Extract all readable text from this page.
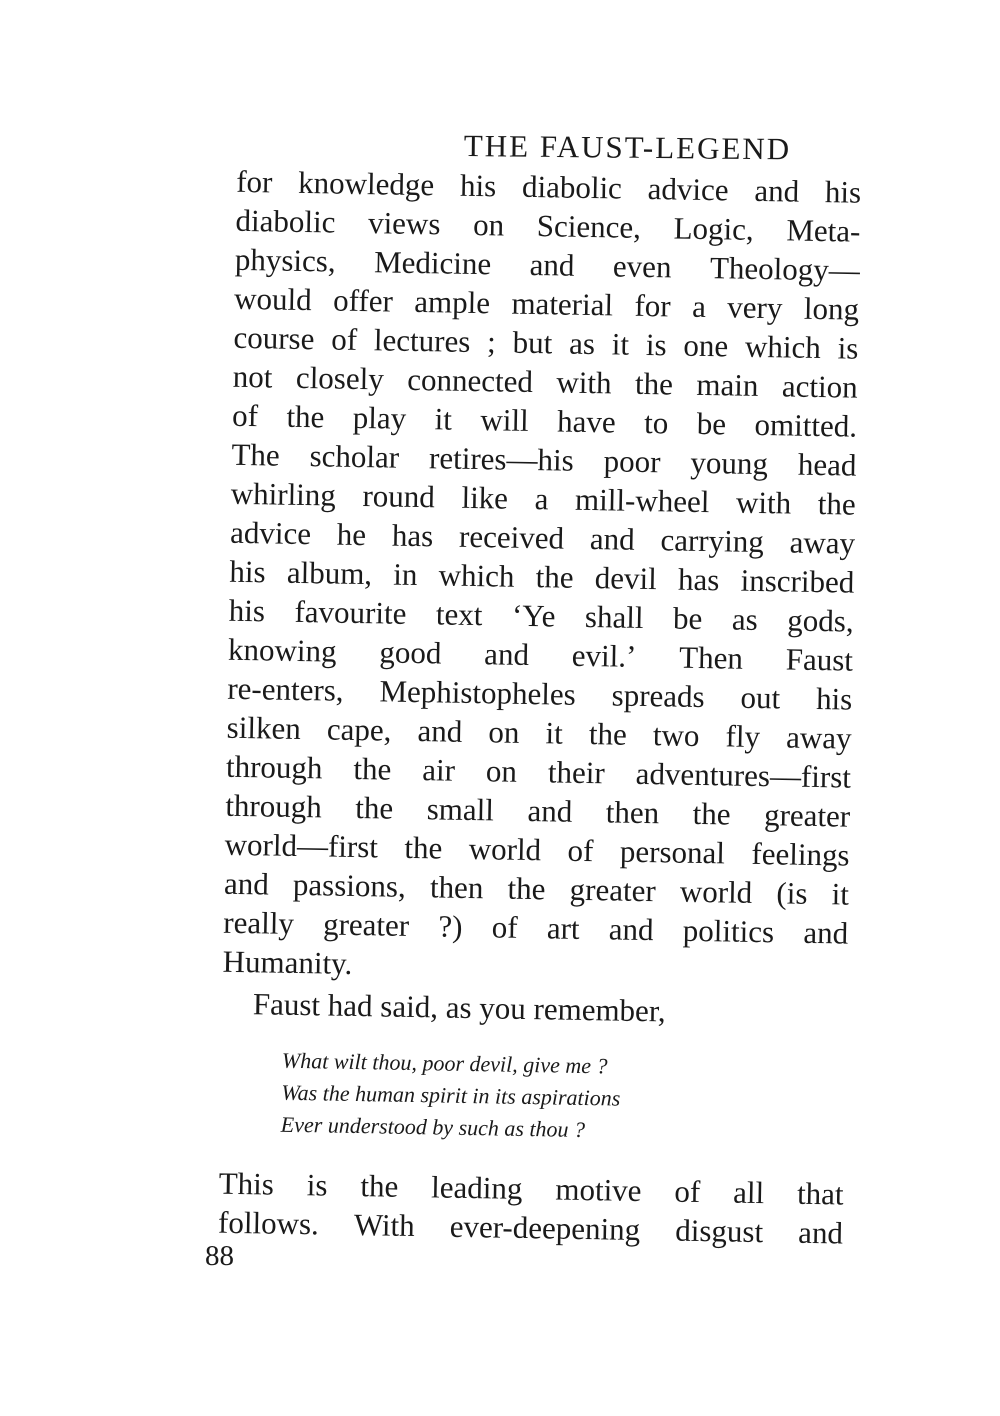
THE FAUST-LEGEND
for knowledge his diabolic advice and his
diabolic views on Science, Logic, Meta-
physics, Medicine and even Theology—
would offer ample material for a very long
course of lectures ; but as it is one which is
not closely connected with the main action
of the play it will have to be omitted.
The scholar retires—his poor young head
whirling round like a mill-wheel with the
advice he has received and carrying away
his album, in which the devil has inscribed
his favourite text ‘Ye shall be as gods,
knowing good and evil.’ Then Faust
re-enters, Mephistopheles spreads out his
silken cape, and on it the two fly away
through the air on their adventures—first
through the small and then the greater
world—first the world of personal feelings
and passions, then the greater world (is it
really greater ?) of art and politics and
Humanity.
Faust had said, as you remember,
What wilt thou, poor devil, give me ?
Was the human spirit in its aspirations
Ever understood by such as thou ?
This is the leading motive of all that
follows. With ever-deepening disgust and
88
